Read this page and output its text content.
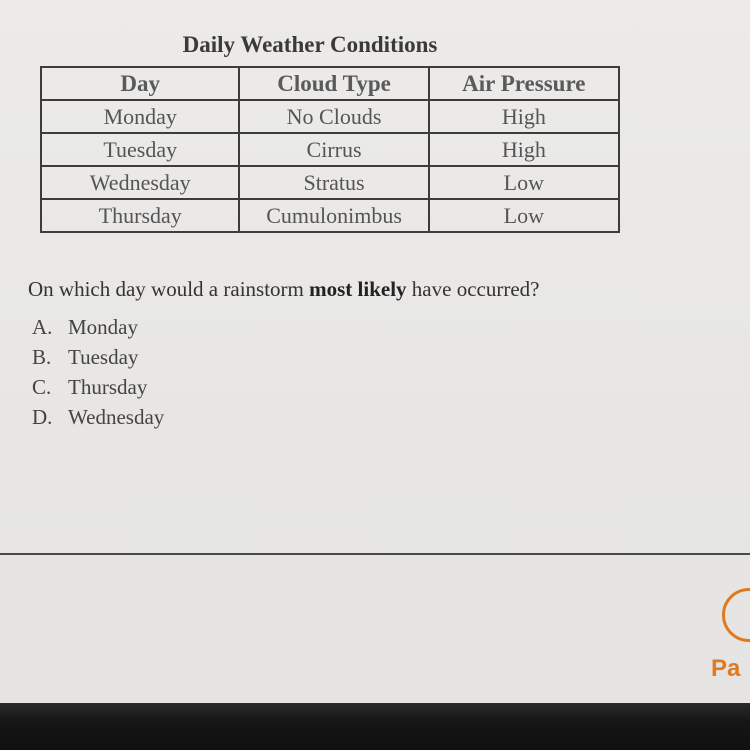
Daily Weather Conditions
Day	Cloud Type	Air Pressure
Monday	No Clouds	High
Tuesday	Cirrus	High
Wednesday	Stratus	Low
Thursday	Cumulonimbus	Low
On which day would a rainstorm most likely have occurred?
A. Monday
B. Tuesday
C. Thursday
D. Wednesday
Pa
